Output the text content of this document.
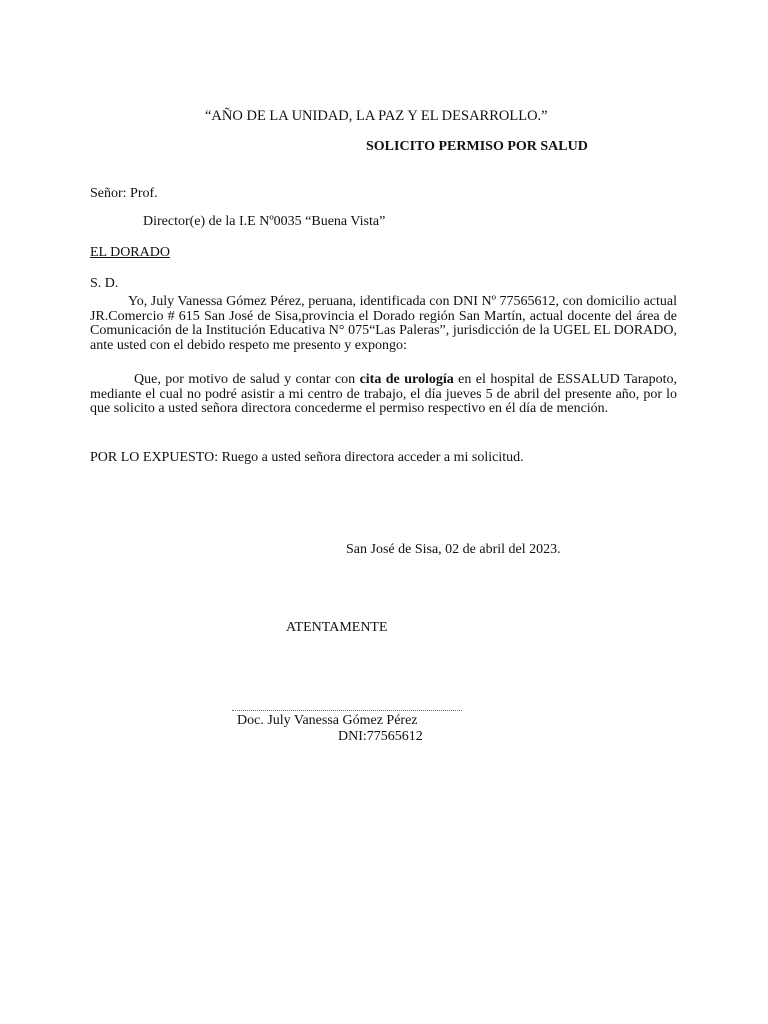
“AÑO DE LA UNIDAD, LA PAZ Y EL DESARROLLO.”
SOLICITO PERMISO POR SALUD
Señor: Prof.
Director(e) de la I.E Nº0035 “Buena Vista”
EL DORADO
S. D.
Yo, July Vanessa Gómez Pérez, peruana, identificada con DNI Nº 77565612, con domicilio actual JR.Comercio # 615 San José de Sisa,provincia el Dorado región San Martín, actual docente del área de Comunicación de la Institución Educativa N° 075“Las Paleras”, jurisdicción de la UGEL EL DORADO, ante usted con el debido respeto me presento y expongo:
Que, por motivo de salud y contar con cita de urología en el hospital de ESSALUD Tarapoto, mediante el cual no podré asistir a mi centro de trabajo, el día jueves 5 de abril del presente año, por lo que solicito a usted señora directora concederme el permiso respectivo en él día de mención.
POR LO EXPUESTO: Ruego a usted señora directora acceder a mi solicitud.
San José de Sisa, 02 de abril del 2023.
ATENTAMENTE
Doc. July Vanessa Gómez Pérez
DNI:77565612
